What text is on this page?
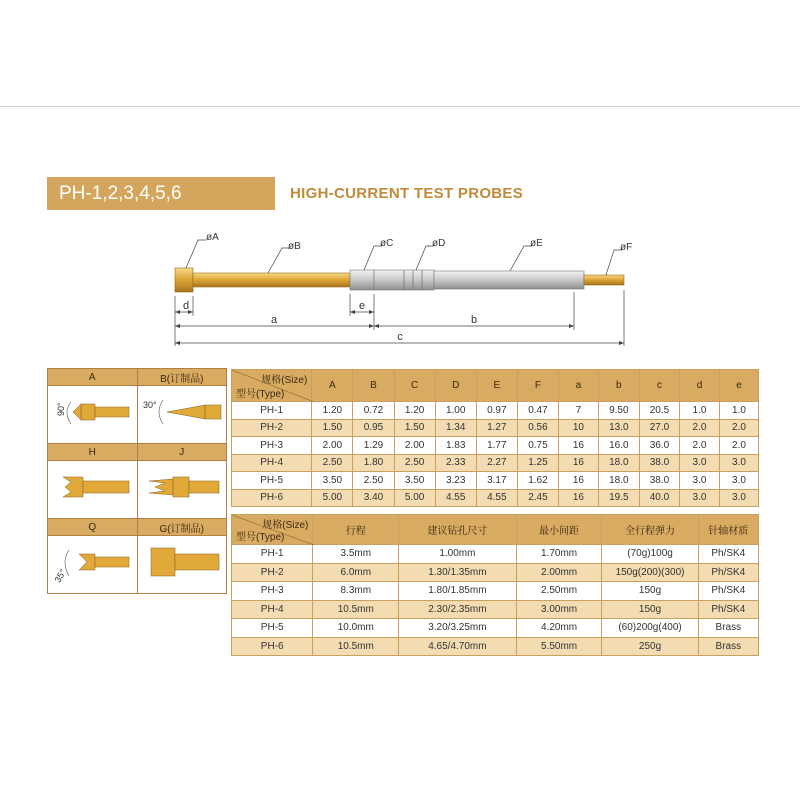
PH-1,2,3,4,5,6	HIGH-CURRENT TEST PROBES
øA
øB	øC	øD	øE	øF
d	e
a	b
c
A	B(订制品)

90°	30°

H	J

Q	G(订制品)

35°

规格(Size)
型号(Type)	A	B	C	D	E	F	a	b	c	d	e
PH-1	1.20	0.72	1.20	1.00	0.97	0.47	7	9.50	20.5	1.0	1.0
PH-2	1.50	0.95	1.50	1.34	1.27	0.56	10	13.0	27.0	2.0	2.0
PH-3	2.00	1.29	2.00	1.83	1.77	0.75	16	16.0	36.0	2.0	2.0
PH-4	2.50	1.80	2.50	2.33	2.27	1.25	16	18.0	38.0	3.0	3.0
PH-5	3.50	2.50	3.50	3.23	3.17	1.62	16	18.0	38.0	3.0	3.0
PH-6	5.00	3.40	5.00	4.55	4.55	2.45	16	19.5	40.0	3.0	3.0
规格(Size)
型号(Type)	行程	建议钻孔尺寸	最小间距	全行程弹力	针轴材质
PH-1	3.5mm	1.00mm	1.70mm	(70g)100g	Ph/SK4
PH-2	6.0mm	1.30/1.35mm	2.00mm	150g(200)(300)	Ph/SK4
PH-3	8.3mm	1.80/1.85mm	2.50mm	150g	Ph/SK4
PH-4	10.5mm	2.30/2.35mm	3.00mm	150g	Ph/SK4
PH-5	10.0mm	3.20/3.25mm	4.20mm	(60)200g(400)	Brass
PH-6	10.5mm	4.65/4.70mm	5.50mm	250g	Brass
